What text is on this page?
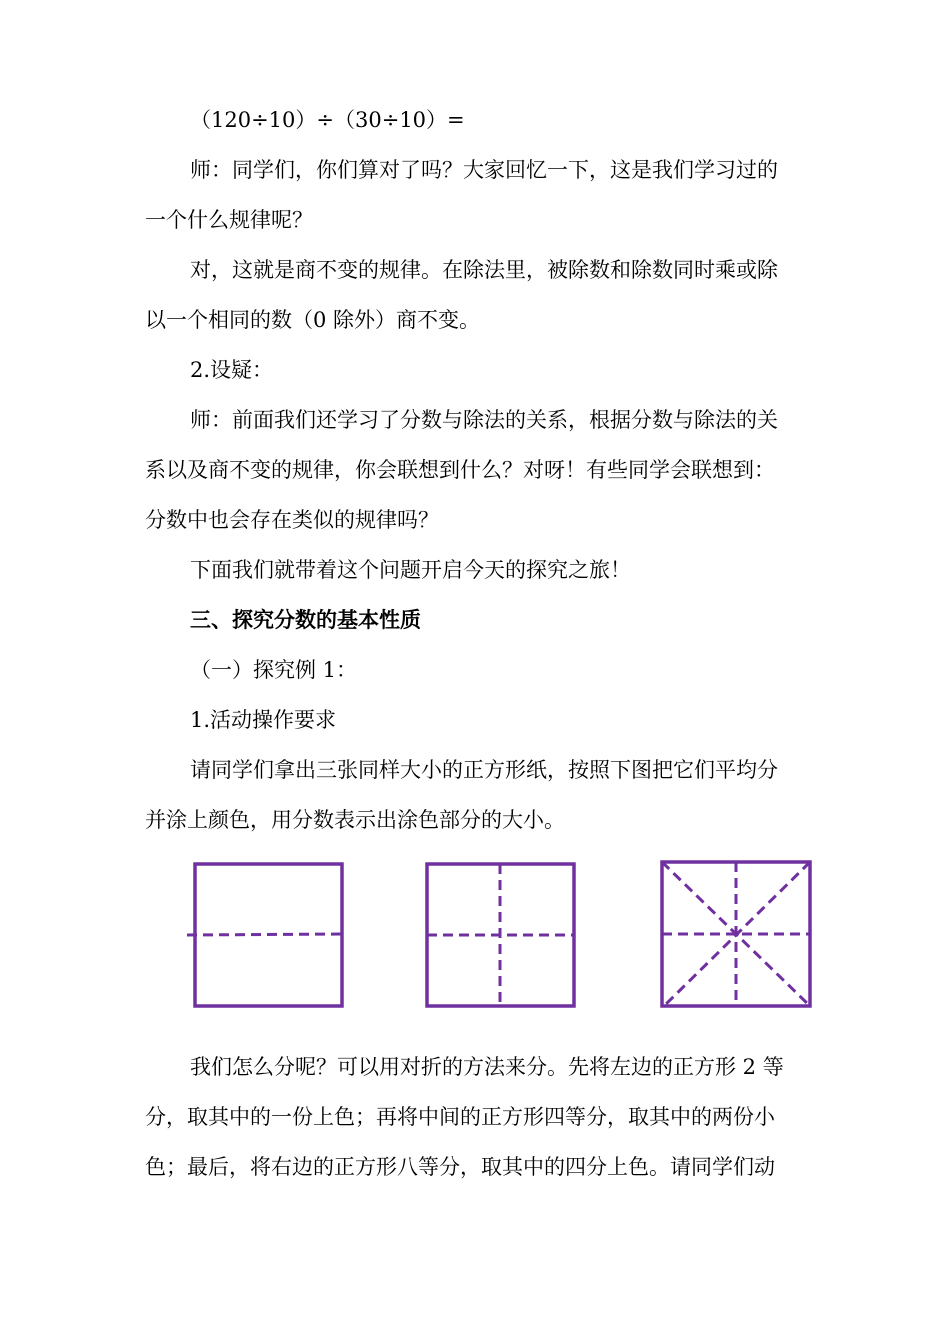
（120÷10）÷（30÷10）=
师：同学们，你们算对了吗？大家回忆一下，这是我们学习过的
一个什么规律呢？
对，这就是商不变的规律。在除法里，被除数和除数同时乘或除
以一个相同的数（0 除外）商不变。
2.设疑：
师：前面我们还学习了分数与除法的关系，根据分数与除法的关
系以及商不变的规律，你会联想到什么？对呀！有些同学会联想到：
分数中也会存在类似的规律吗？
下面我们就带着这个问题开启今天的探究之旅！
三、探究分数的基本性质
（一）探究例 1：
1.活动操作要求
请同学们拿出三张同样大小的正方形纸，按照下图把它们平均分
并涂上颜色，用分数表示出涂色部分的大小。
我们怎么分呢？可以用对折的方法来分。先将左边的正方形 2 等
分，取其中的一份上色；再将中间的正方形四等分，取其中的两份小
色；最后，将右边的正方形八等分，取其中的四分上色。请同学们动
